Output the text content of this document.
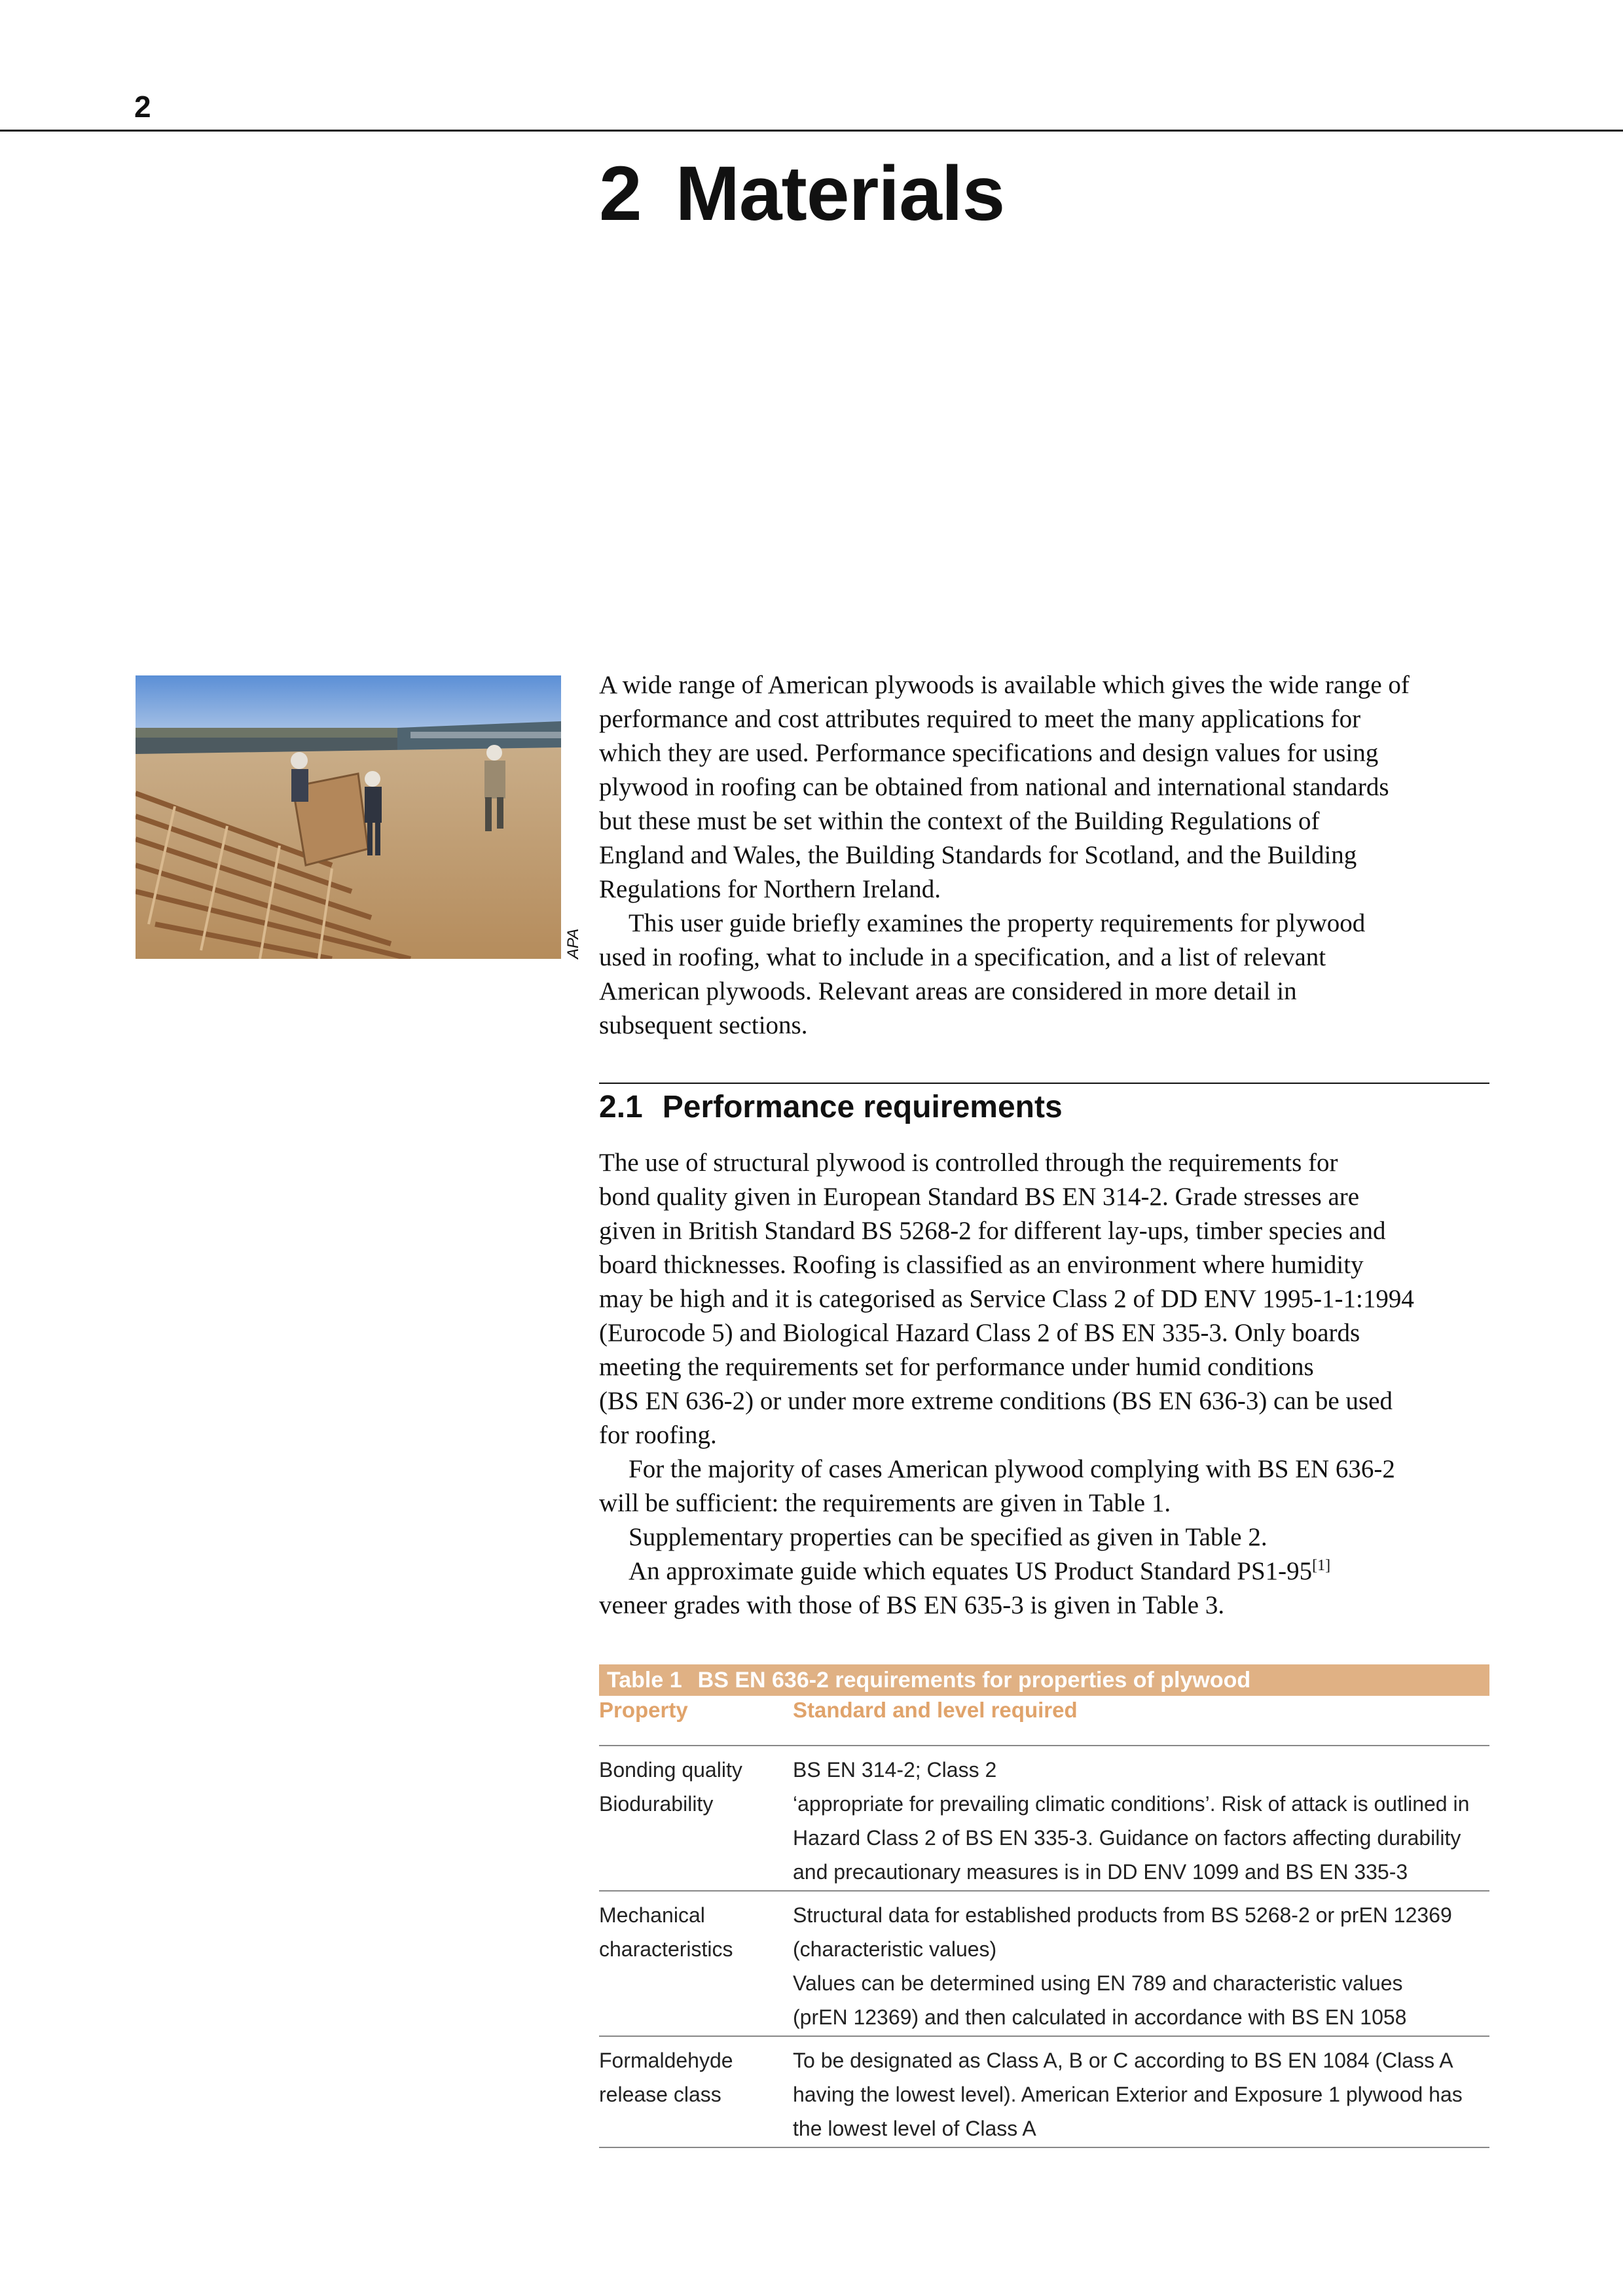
2
2 Materials
APA

A wide range of American plywoods is available which gives the wide range of
performance and cost attributes required to meet the many applications for
which they are used. Performance specifications and design values for using
plywood in roofing can be obtained from national and international standards
but these must be set within the context of the Building Regulations of
England and Wales, the Building Standards for Scotland, and the Building
Regulations for Northern Ireland.

This user guide briefly examines the property requirements for plywood
used in roofing, what to include in a specification, and a list of relevant
American plywoods. Relevant areas are considered in more detail in
subsequent sections.

2.1 Performance requirements

The use of structural plywood is controlled through the requirements for
bond quality given in European Standard BS EN 314-2. Grade stresses are
given in British Standard BS 5268-2 for different lay-ups, timber species and
board thicknesses. Roofing is classified as an environment where humidity
may be high and it is categorised as Service Class 2 of DD ENV 1995-1-1:1994
(Eurocode 5) and Biological Hazard Class 2 of BS EN 335-3. Only boards
meeting the requirements set for performance under humid conditions
(BS EN 636-2) or under more extreme conditions (BS EN 636-3) can be used
for roofing.

For the majority of cases American plywood complying with BS EN 636-2
will be sufficient: the requirements are given in Table 1.

Supplementary properties can be specified as given in Table 2.

An approximate guide which equates US Product Standard PS1-95[1]
veneer grades with those of BS EN 635-3 is given in Table 3.

Table 1 BS EN 636-2 requirements for properties of plywood
Property	Standard and level required
Bonding quality
Biodurability
BS EN 314-2; Class 2
‘appropriate for prevailing climatic conditions’. Risk of attack is outlined in
Hazard Class 2 of BS EN 335-3. Guidance on factors affecting durability
and precautionary measures is in DD ENV 1099 and BS EN 335-3
Mechanical
characteristics
Structural data for established products from BS 5268-2 or prEN 12369
(characteristic values)
Values can be determined using EN 789 and characteristic values
(prEN 12369) and then calculated in accordance with BS EN 1058
Formaldehyde
release class
To be designated as Class A, B or C according to BS EN 1084 (Class A
having the lowest level). American Exterior and Exposure 1 plywood has
the lowest level of Class A
